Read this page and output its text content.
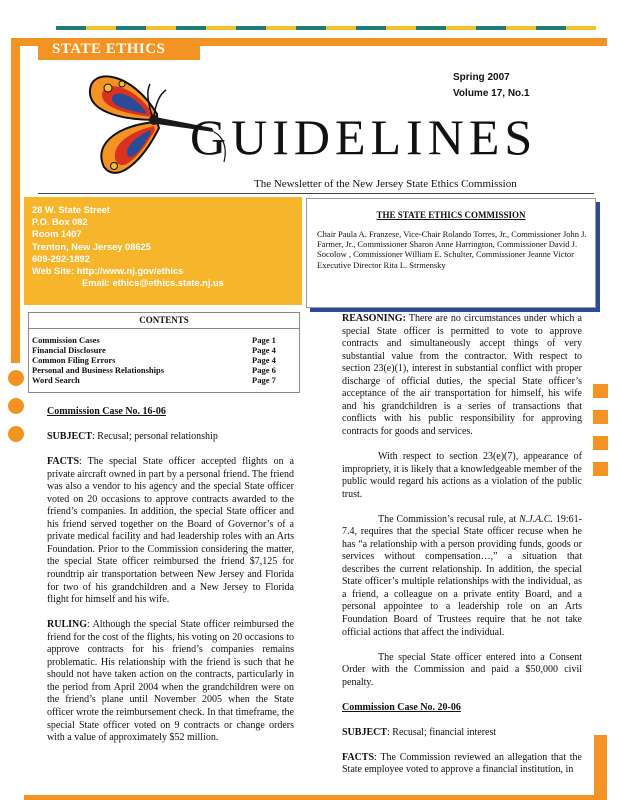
STATE ETHICS
Spring 2007
Volume 17, No.1
GUIDELINES
The Newsletter of the New Jersey State Ethics Commission
28 W. State Street
P.O. Box 082
Room 1407
Trenton, New Jersey 08625
609-292-1892
Web Site: http://www.nj.gov/ethics
Email: ethics@ethics.state.nj.us
THE STATE ETHICS COMMISSION
Chair Paula A. Franzese, Vice-Chair Rolando Torres, Jr., Commissioner John J. Farmer, Jr., Commissioner Sharon Anne Harrington, Commissioner David J. Socolow , Commissioner William E. Schulter, Commissioner Jeanne Victor
Executive Director Rita L. Strmensky
CONTENTS
Commission Cases	Page 1
Financial Disclosure	Page 4
Common Filing Errors	Page 4
Personal and Business Relationships	Page 6
Word Search	Page 7

Commission Case No. 16-06

SUBJECT: Recusal; personal relationship

FACTS: The special State officer accepted flights on a private aircraft owned in part by a personal friend. The friend was also a vendor to his agency and the special State officer voted on 20 occasions to approve contracts awarded to the friend’s companies. In addition, the special State officer and his friend served together on the Board of Governor’s of a private medical facility and had leadership roles with an Arts Foundation. Prior to the Commission considering the matter, the special State officer reimbursed the friend $7,125 for roundtrip air transportation between New Jersey and Florida for two of his grandchildren and a New Jersey to Florida flight for himself and his wife.

RULING: Although the special State officer reimbursed the friend for the cost of the flights, his voting on 20 occasions to approve contracts for his friend’s companies remains problematic. His relationship with the friend is such that he should not have taken action on the contracts, particularly in the period from April 2004 when the grandchildren were on the friend’s plane until November 2005 when the State officer wrote the reimbursement check. In that timeframe, the special State officer voted on 9 contracts or change orders with a value of approximately $52 million.

REASONING: There are no circumstances under which a special State officer is permitted to vote to approve contracts and simultaneously accept things of very substantial value from the contractor. With respect to section 23(e)(1), interest in substantial conflict with proper discharge of official duties, the special State officer’s acceptance of the air transportation for himself, his wife and his grandchildren is a series of transactions that conflicts with his public responsibility for approving contracts for goods and services.

With respect to section 23(e)(7), appearance of impropriety, it is likely that a knowledgeable member of the public would regard his actions as a violation of the public trust.

The Commission’s recusal rule, at N.J.A.C. 19:61-7.4, requires that the special State officer recuse when he has “a relationship with a person providing funds, goods or services without compensation…,” a situation that describes the current relationship. In addition, the special State officer’s multiple relationships with the individual, as a friend, a colleague on a private entity Board, and a personal appointee to a leadership role on an Arts Foundation Board of Trustees require that he not take official actions that affect the individual.

The special State officer entered into a Consent Order with the Commission and paid a $50,000 civil penalty.

Commission Case No. 20-06

SUBJECT: Recusal; financial interest

FACTS: The Commission reviewed an allegation that the State employee voted to approve a financial institution, in
